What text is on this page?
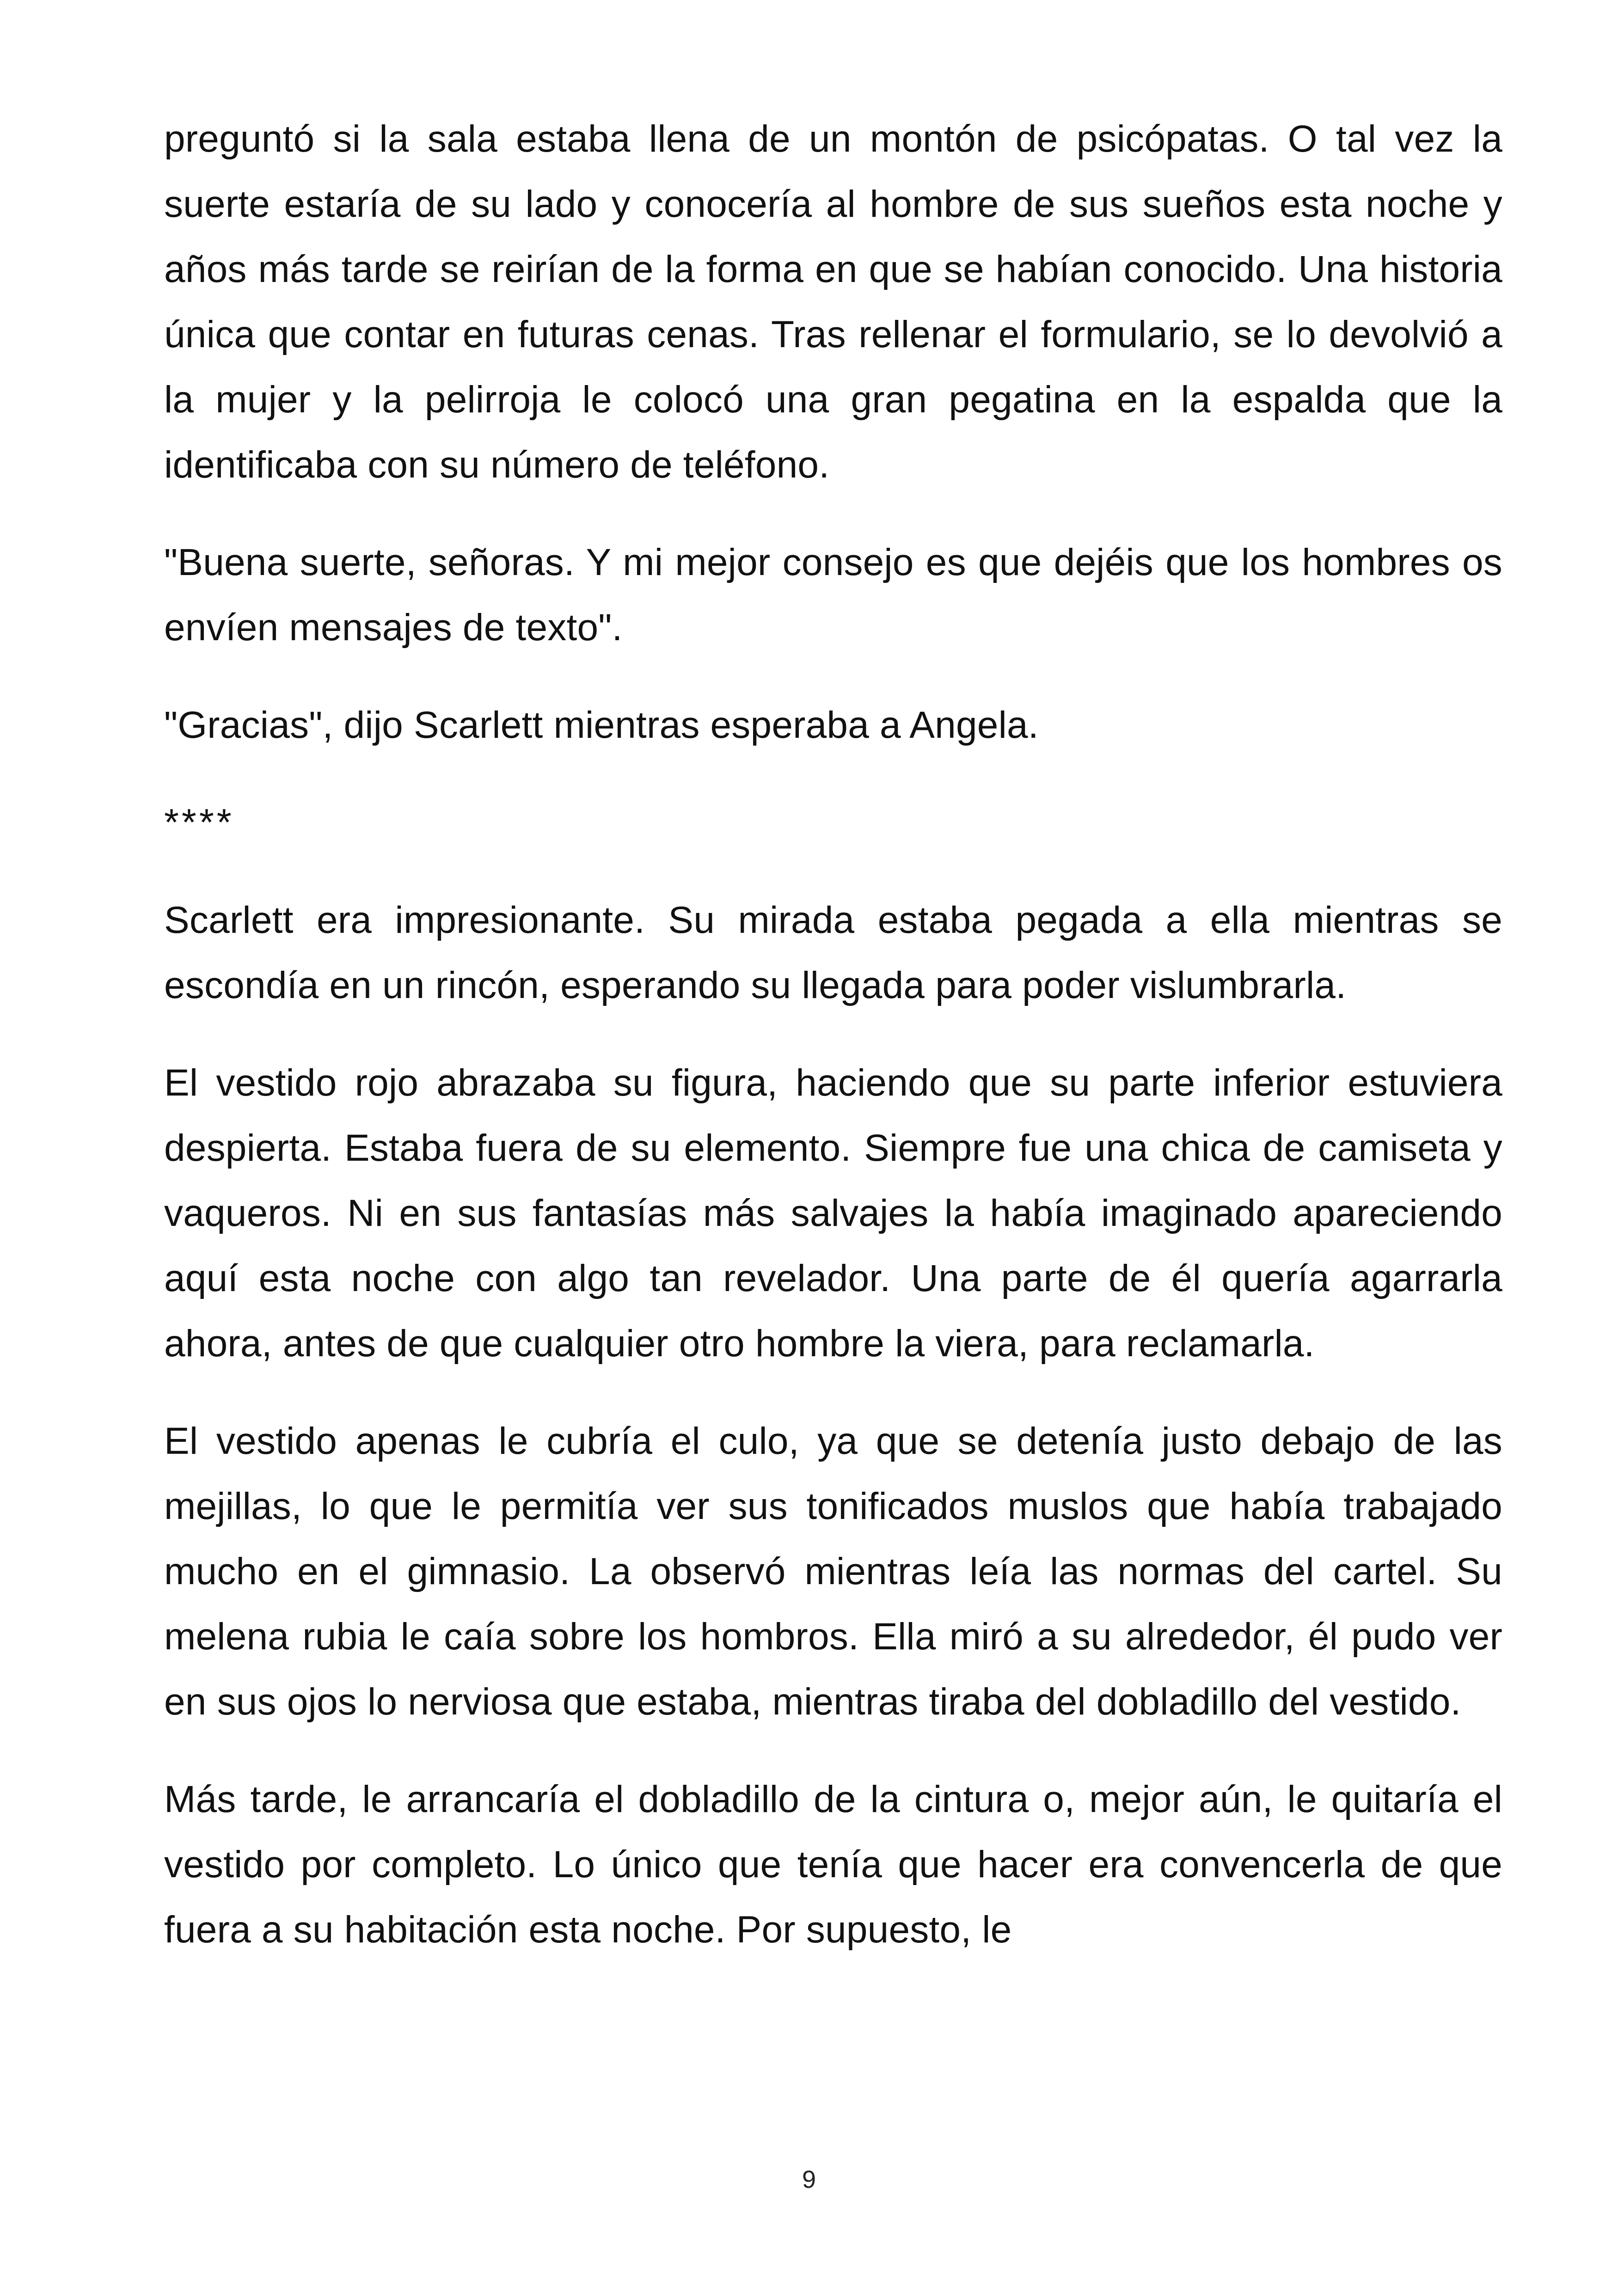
preguntó si la sala estaba llena de un montón de psicópatas. O tal vez la suerte estaría de su lado y conocería al hombre de sus sueños esta noche y años más tarde se reirían de la forma en que se habían conocido. Una historia única que contar en futuras cenas. Tras rellenar el formulario, se lo devolvió a la mujer y la pelirroja le colocó una gran pegatina en la espalda que la identificaba con su número de teléfono.

"Buena suerte, señoras. Y mi mejor consejo es que dejéis que los hombres os envíen mensajes de texto".

"Gracias", dijo Scarlett mientras esperaba a Angela.

****

Scarlett era impresionante. Su mirada estaba pegada a ella mientras se escondía en un rincón, esperando su llegada para poder vislumbrarla.

El vestido rojo abrazaba su figura, haciendo que su parte inferior estuviera despierta. Estaba fuera de su elemento. Siempre fue una chica de camiseta y vaqueros. Ni en sus fantasías más salvajes la había imaginado apareciendo aquí esta noche con algo tan revelador. Una parte de él quería agarrarla ahora, antes de que cualquier otro hombre la viera, para reclamarla.

El vestido apenas le cubría el culo, ya que se detenía justo debajo de las mejillas, lo que le permitía ver sus tonificados muslos que había trabajado mucho en el gimnasio. La observó mientras leía las normas del cartel. Su melena rubia le caía sobre los hombros. Ella miró a su alrededor, él pudo ver en sus ojos lo nerviosa que estaba, mientras tiraba del dobladillo del vestido.

Más tarde, le arrancaría el dobladillo de la cintura o, mejor aún, le quitaría el vestido por completo. Lo único que tenía que hacer era convencerla de que fuera a su habitación esta noche. Por supuesto, le

9
